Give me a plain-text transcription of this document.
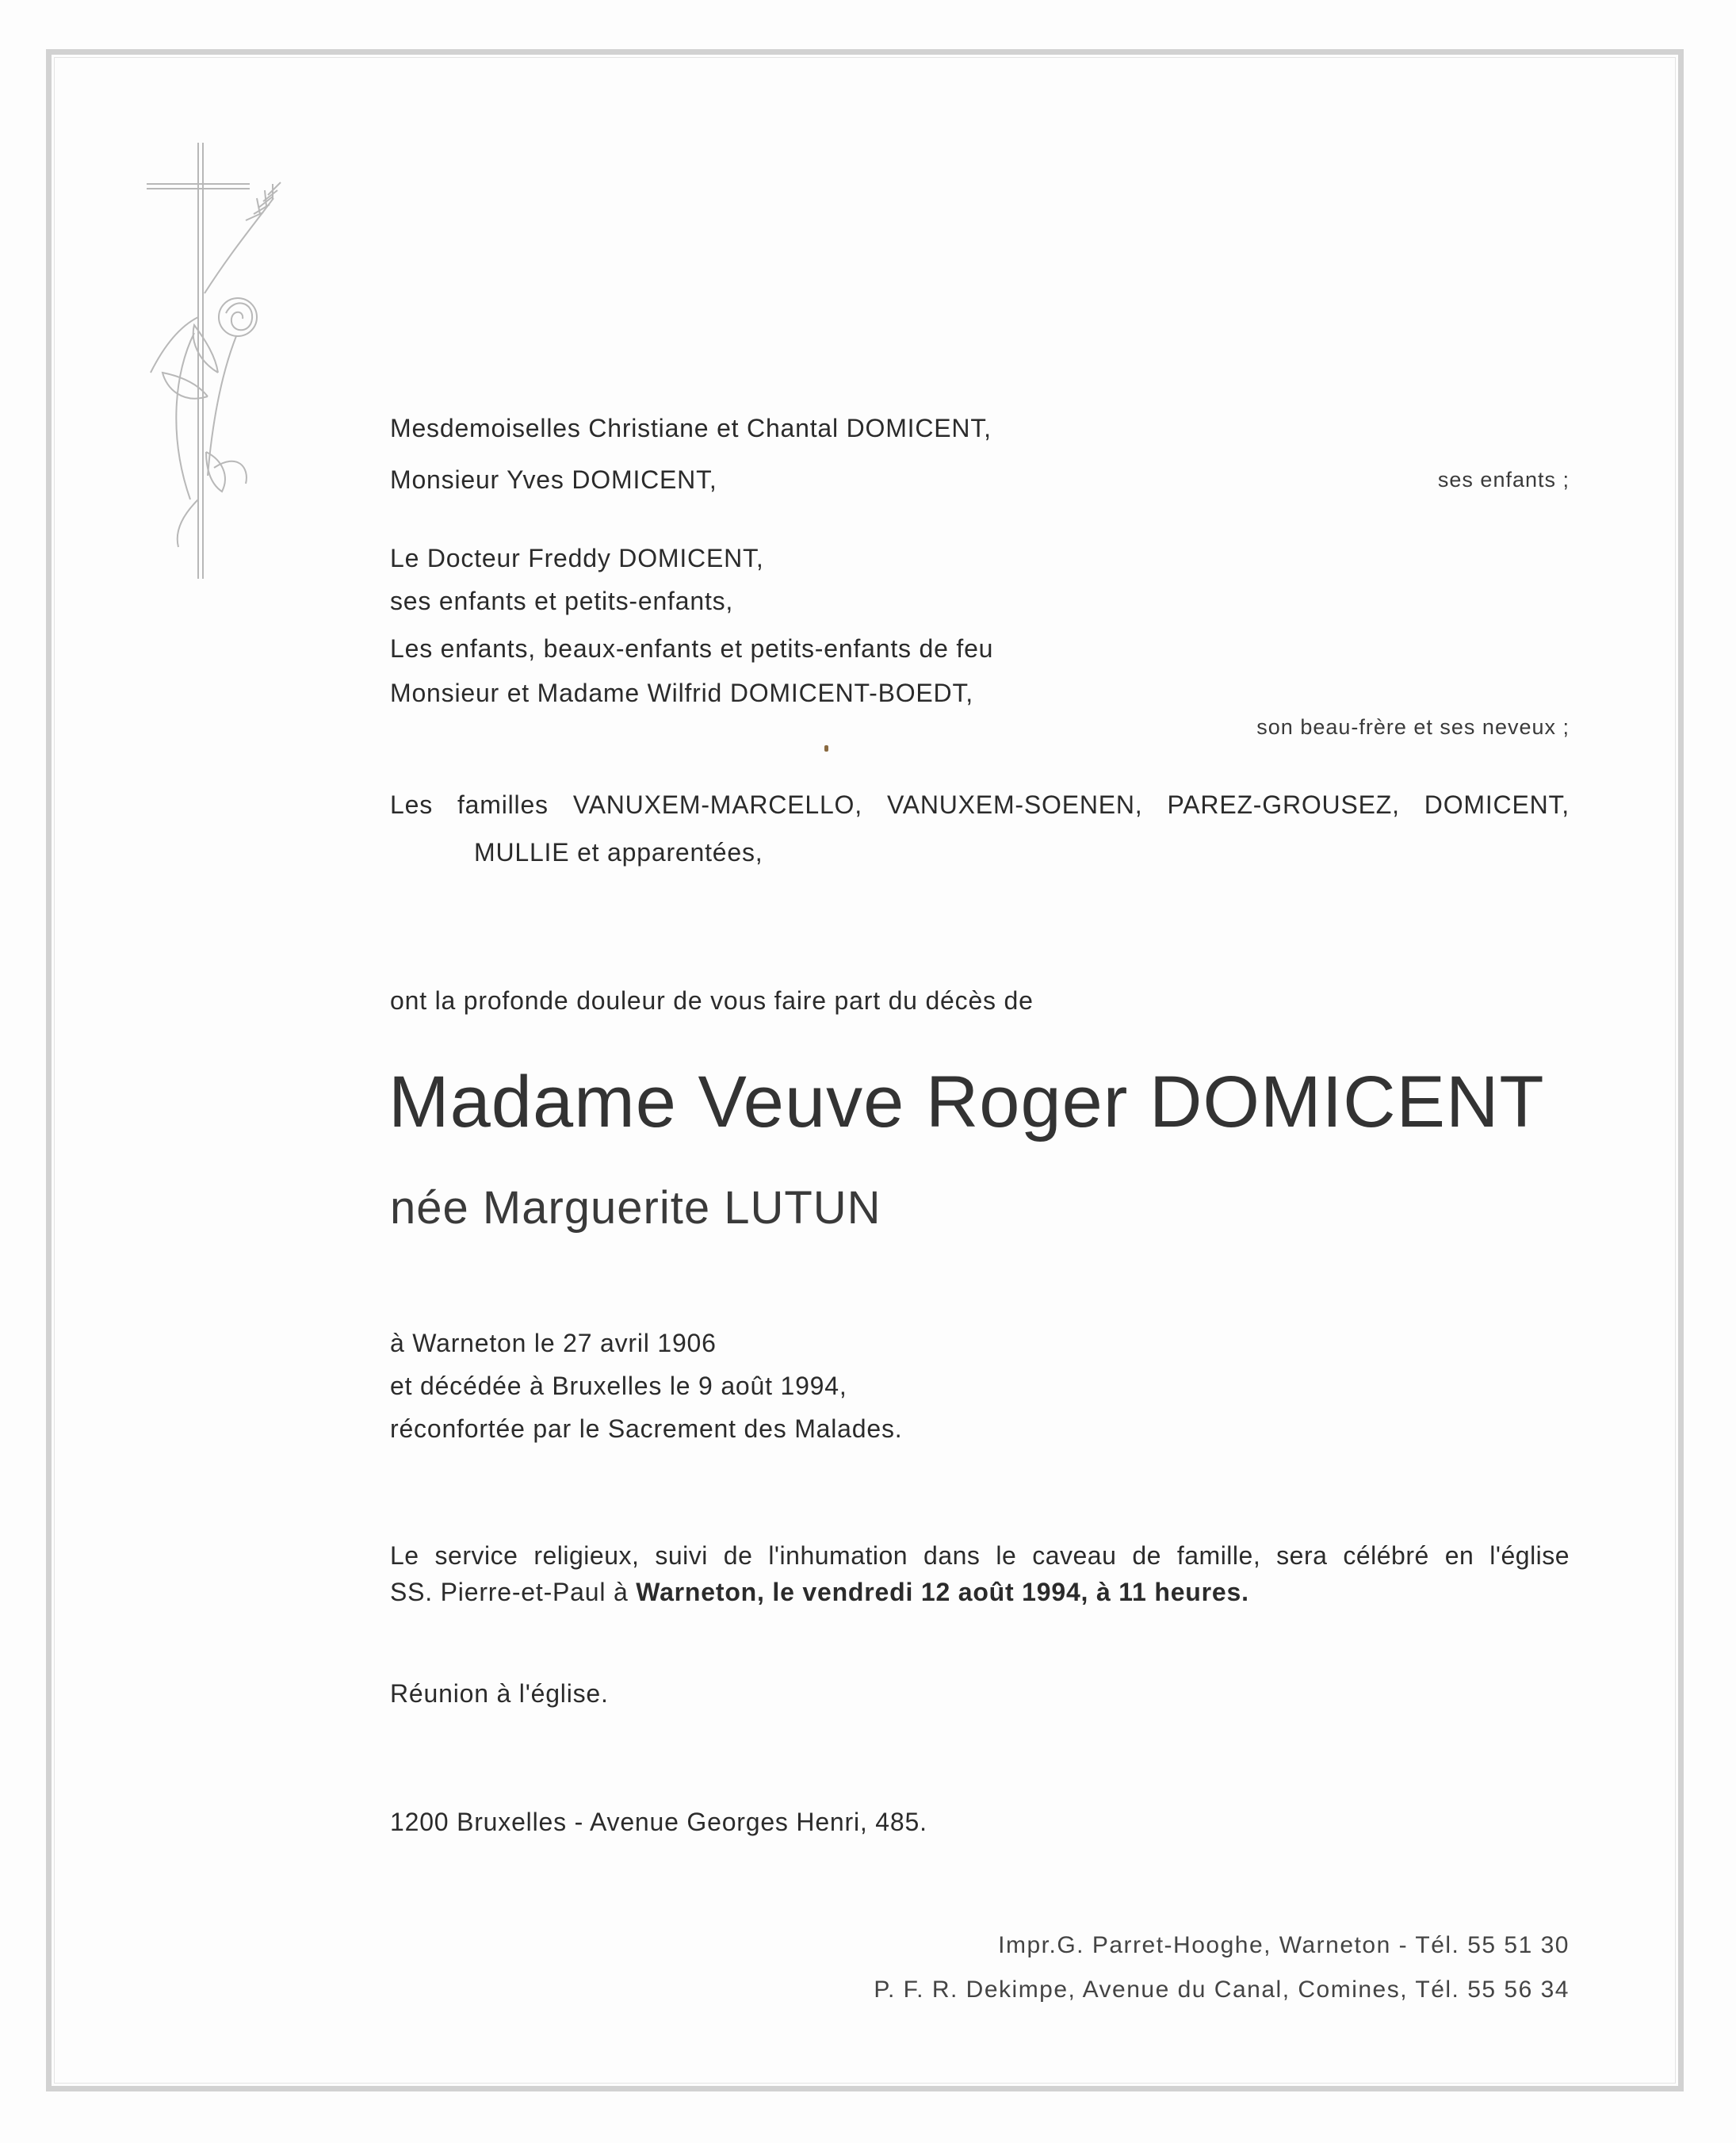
Mesdemoiselles Christiane et Chantal DOMICENT,
Monsieur Yves DOMICENT,	ses enfants ;
Le Docteur Freddy DOMICENT,
ses enfants et petits-enfants,
Les enfants, beaux-enfants et petits-enfants de feu
Monsieur et Madame Wilfrid DOMICENT-BOEDT,
son beau-frère et ses neveux ;
Les familles VANUXEM-MARCELLO, VANUXEM-SOENEN, PAREZ-GROUSEZ, DOMICENT,
MULLIE et apparentées,
ont la profonde douleur de vous faire part du décès de
Madame Veuve Roger DOMICENT
née Marguerite LUTUN
à Warneton le 27 avril 1906
et décédée à Bruxelles le 9 août 1994,
réconfortée par le Sacrement des Malades.
Le service religieux, suivi de l'inhumation dans le caveau de famille, sera célébré en l'église
SS. Pierre-et-Paul à Warneton, le vendredi 12 août 1994, à 11 heures.
Réunion à l'église.
1200 Bruxelles - Avenue Georges Henri, 485.
Impr.G. Parret-Hooghe, Warneton - Tél. 55 51 30
P. F. R. Dekimpe, Avenue du Canal, Comines, Tél. 55 56 34
